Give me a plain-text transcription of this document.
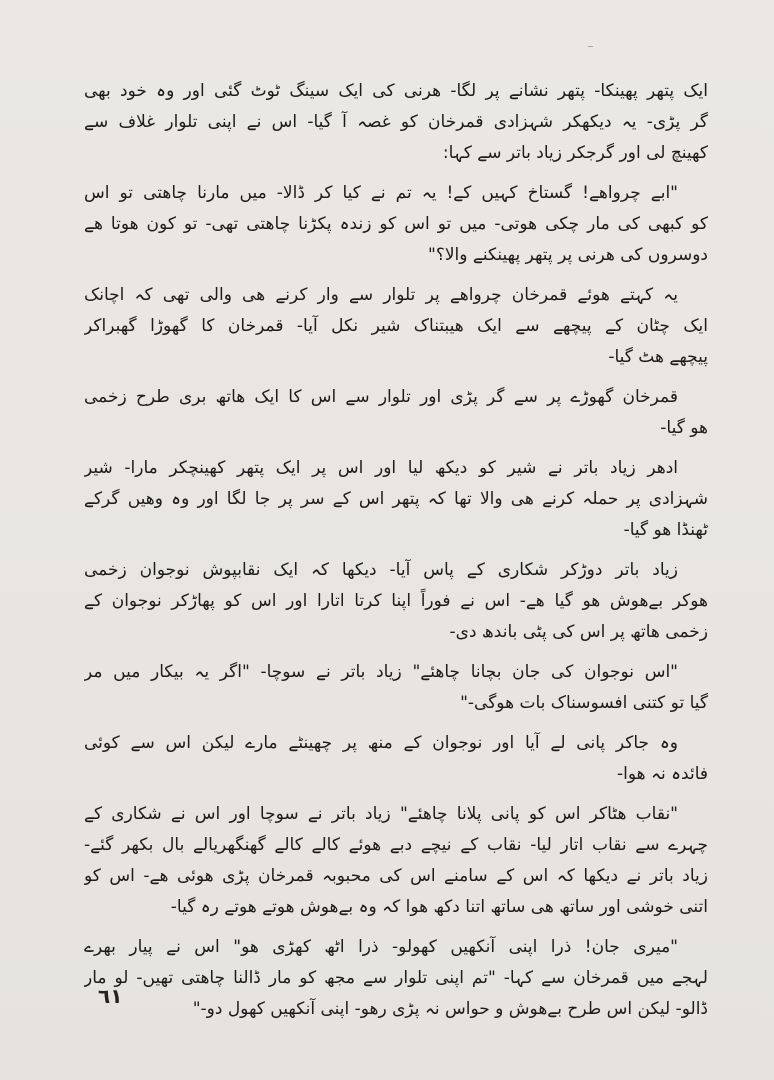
ایک پتھر پھینکا- پتھر نشانے پر لگا- ھرنی کی ایک سینگ ٹوٹ گئی اور وہ خود بھی
گر پڑی- یہ دیکھکر شہزادی قمرخان کو غصہ آ گیا- اس نے اپنی تلوار غلاف سے
کھینچ لی اور گرجکر زیاد باتر سے کہا:
"ابے چرواھے! گستاخ کہیں کے! یہ تم نے کیا کر ڈالا- میں مارنا چاھتی تو اس
کو کبھی کی مار چکی ھوتی- میں تو اس کو زندہ پکڑنا چاھتی تھی- تو کون ھوتا ھے
دوسروں کی ھرنی پر پتھر پھینکنے والا؟"
یہ کہتے ھوئے قمرخان چرواھے پر تلوار سے وار کرنے ھی والی تھی کہ اچانک
ایک چٹان کے پیچھے سے ایک ھیبتناک شیر نکل آیا- قمرخان کا گھوڑا گھبراکر
پیچھے ھٹ گیا-
قمرخان گھوڑے پر سے گر پڑی اور تلوار سے اس کا ایک ھاتھ بری طرح زخمی
ھو گیا-
ادھر زیاد باتر نے شیر کو دیکھ لیا اور اس پر ایک پتھر کھینچکر مارا- شیر
شہزادی پر حملہ کرنے ھی والا تھا کہ پتھر اس کے سر پر جا لگا اور وہ وھیں گرکے
ٹھنڈا ھو گیا-
زیاد باتر دوڑکر شکاری کے پاس آیا- دیکھا کہ ایک نقابپوش نوجوان زخمی
ھوکر بےھوش ھو گیا ھے- اس نے فوراً اپنا کرتا اتارا اور اس کو پھاڑکر نوجوان کے
زخمی ھاتھ پر اس کی پٹی باندھ دی-
"اس نوجوان کی جان بچانا چاھئے" زیاد باتر نے سوچا- "اگر یہ بیکار میں مر
گیا تو کتنی افسوسناک بات ھوگی-"
وہ جاکر پانی لے آیا اور نوجوان کے منھ پر چھینٹے مارے لیکن اس سے کوئی
فائدہ نہ ھوا-
"نقاب ھٹاکر اس کو پانی پلانا چاھئے" زیاد باتر نے سوچا اور اس نے شکاری کے
چہرے سے نقاب اتار لیا- نقاب کے نیچے دبے ھوئے کالے کالے گھنگھریالے بال بکھر گئے-
زیاد باتر نے دیکھا کہ اس کے سامنے اس کی محبوبہ قمرخان پڑی ھوئی ھے- اس کو
اتنی خوشی اور ساتھ ھی ساتھ اتنا دکھ ھوا کہ وہ بےھوش ھوتے ھوتے رہ گیا-
"میری جان! ذرا اپنی آنکھیں کھولو- ذرا اٹھ کھڑی ھو" اس نے پیار بھرے
لہجے میں قمرخان سے کہا- "تم اپنی تلوار سے مجھ کو مار ڈالنا چاھتی تھیں- لو مار
ڈالو- لیکن اس طرح بےھوش و حواس نہ پڑی رھو- اپنی آنکھیں کھول دو-"
٦١
